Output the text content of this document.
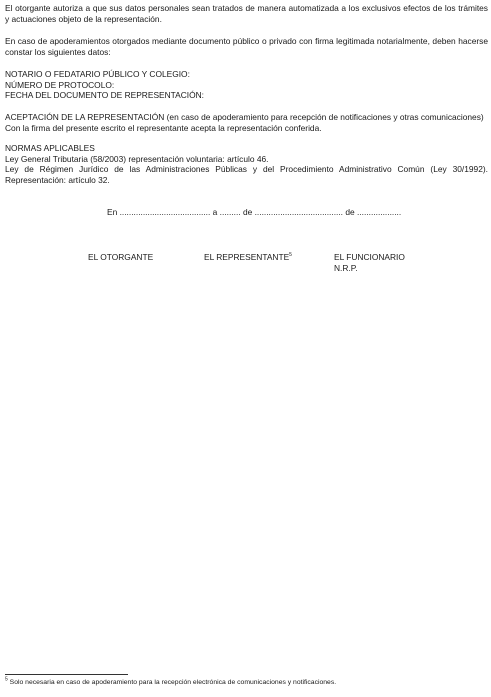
El otorgante autoriza a que sus datos personales sean tratados de manera automatizada a los exclusivos efectos de los trámites y actuaciones objeto de la representación.

En caso de apoderamientos otorgados mediante documento público o privado con firma legitimada notarialmente, deben hacerse constar los siguientes datos:

NOTARIO O FEDATARIO PÚBLICO Y COLEGIO:
NÚMERO DE PROTOCOLO:
FECHA DEL DOCUMENTO DE REPRESENTACIÓN:
ACEPTACIÓN DE LA REPRESENTACIÓN (en caso de apoderamiento para recepción de notificaciones y otras comunicaciones)
Con la firma del presente escrito el representante acepta la representación conferida.
NORMAS APLICABLES
Ley General Tributaria (58/2003) representación voluntaria: artículo 46.

Ley de Régimen Jurídico de las Administraciones Públicas y del Procedimiento Administrativo Común (Ley 30/1992). Representación: artículo 32.

En ....................................... a ......... de ...................................... de ...................
EL OTORGANTE	EL REPRESENTANTE$^5$	EL FUNCIONARIO
N.R.P.
$^5$ Solo necesaria en caso de apoderamiento para la recepción electrónica de comunicaciones y notificaciones.
